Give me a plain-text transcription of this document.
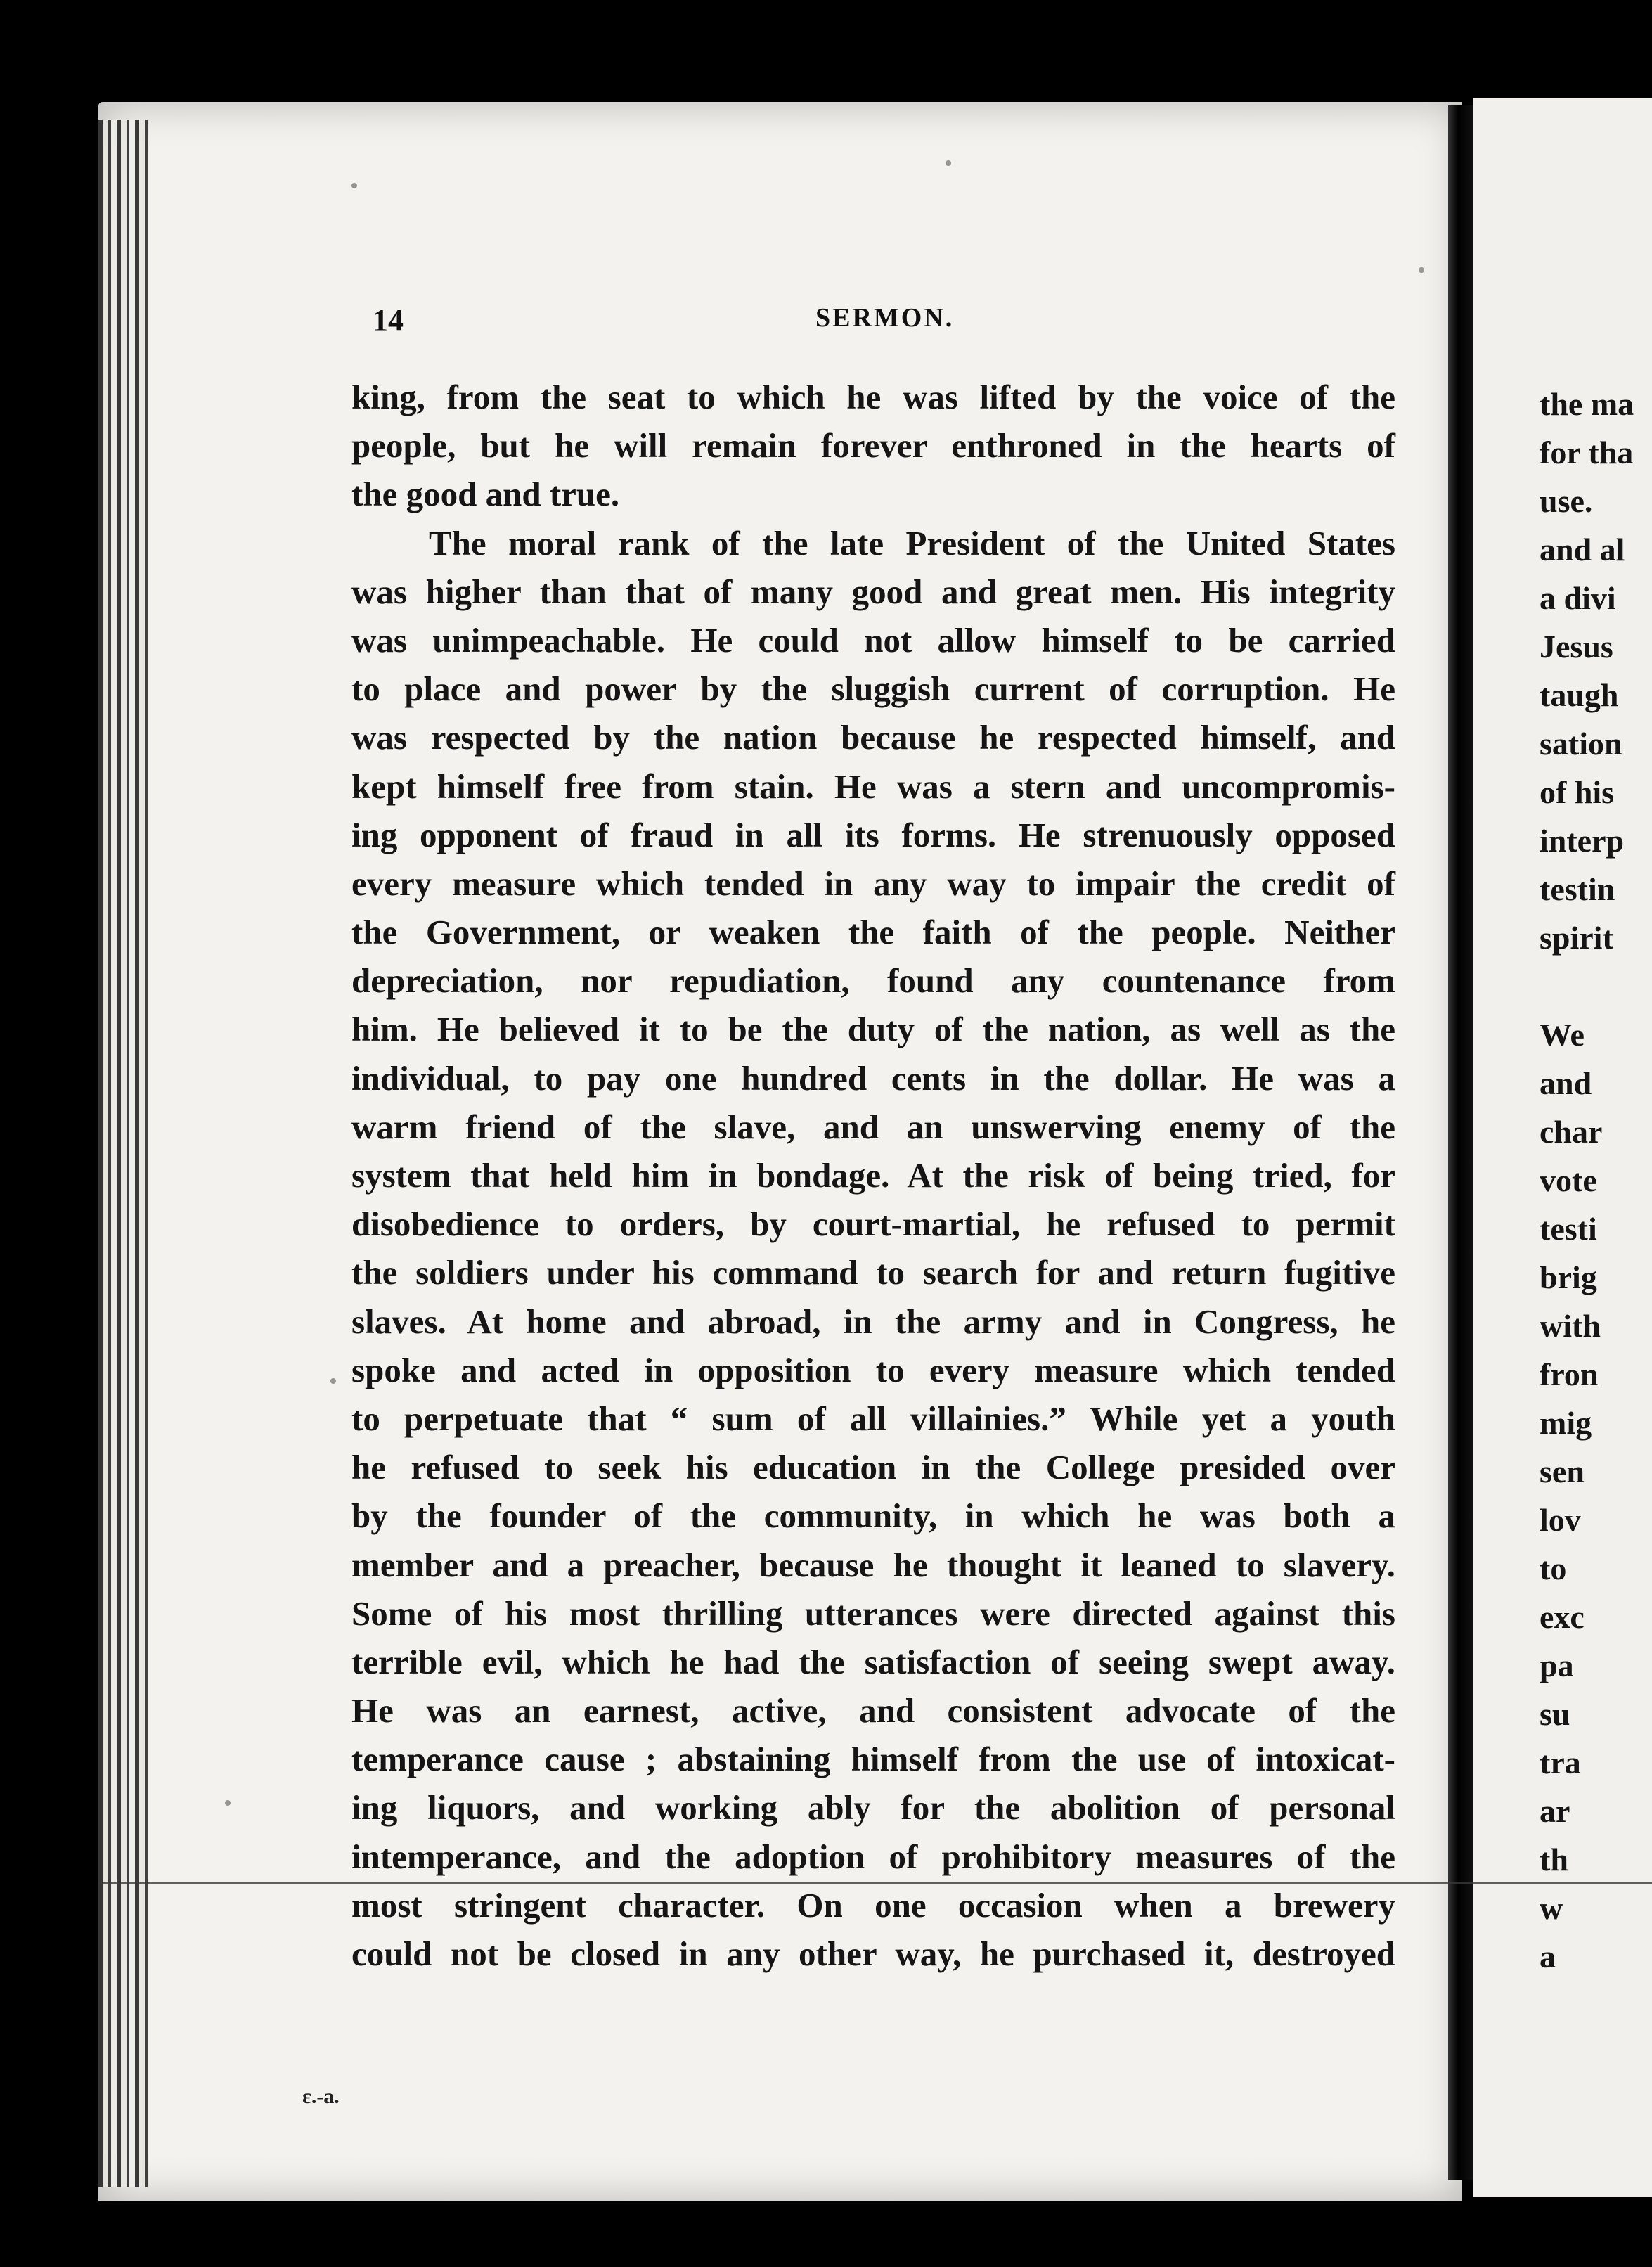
14	SERMON.
king, from the seat to which he was lifted by the voice of the
people, but he will remain forever enthroned in the hearts of
the good and true.
The moral rank of the late President of the United States
was higher than that of many good and great men. His integrity
was unimpeachable. He could not allow himself to be carried
to place and power by the sluggish current of corruption. He
was respected by the nation because he respected himself, and
kept himself free from stain. He was a stern and uncompromis-
ing opponent of fraud in all its forms. He strenuously opposed
every measure which tended in any way to impair the credit of
the Government, or weaken the faith of the people. Neither
depreciation, nor repudiation, found any countenance from
him. He believed it to be the duty of the nation, as well as the
individual, to pay one hundred cents in the dollar. He was a
warm friend of the slave, and an unswerving enemy of the
system that held him in bondage. At the risk of being tried, for
disobedience to orders, by court-martial, he refused to permit
the soldiers under his command to search for and return fugitive
slaves. At home and abroad, in the army and in Congress, he
spoke and acted in opposition to every measure which tended
to perpetuate that “ sum of all villainies.” While yet a youth
he refused to seek his education in the College presided over
by the founder of the community, in which he was both a
member and a preacher, because he thought it leaned to slavery.
Some of his most thrilling utterances were directed against this
terrible evil, which he had the satisfaction of seeing swept away.
He was an earnest, active, and consistent advocate of the
temperance cause ; abstaining himself from the use of intoxicat-
ing liquors, and working ably for the abolition of personal
intemperance, and the adoption of prohibitory measures of the
most stringent character. On one occasion when a brewery
could not be closed in any other way, he purchased it, destroyed
the ma
for tha
use.
and al
a divi
Jesus
taugh
sation
of his
interp
testin
spirit
We
and
char
vote
testi
brig
with
fron
mig
sen
lov
to
exc
pa
su
tra
ar
th
w
a
ɛ.-a.
